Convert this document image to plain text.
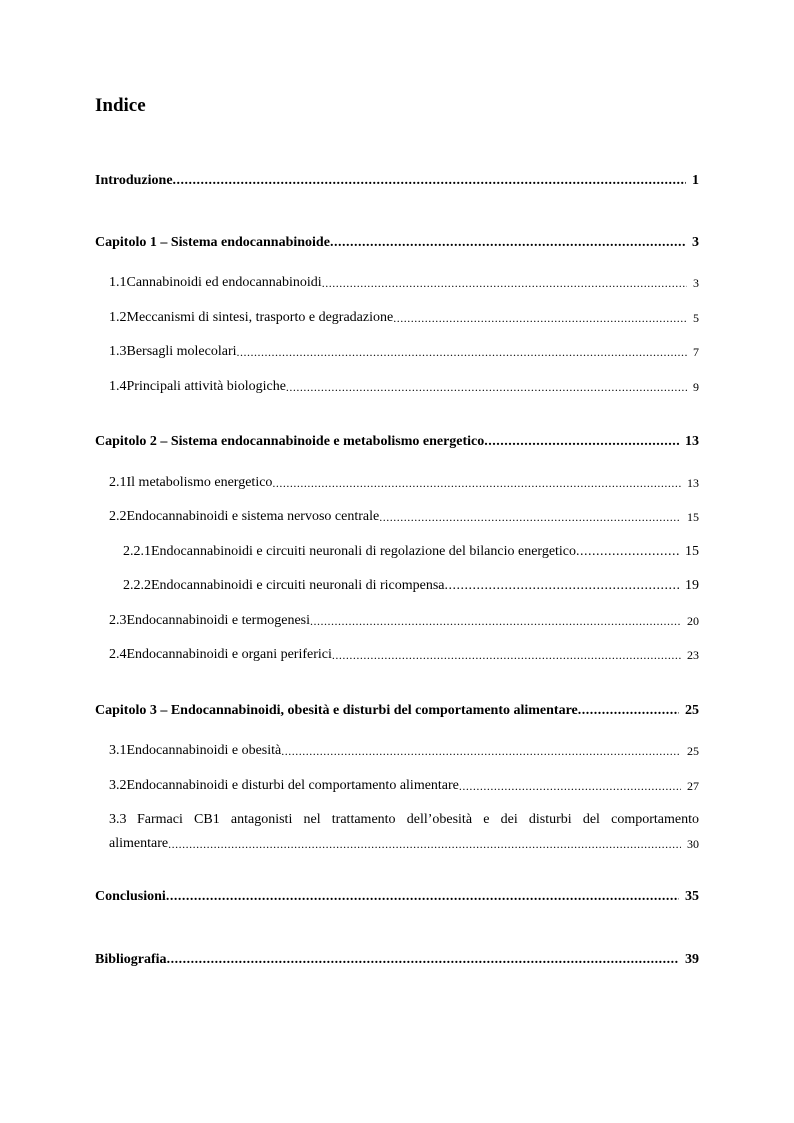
Indice
Introduzione .....	1
Capitolo 1 – Sistema endocannabinoide .....	3
1.1 Cannabinoidi ed endocannabinoidi .....	3
1.2 Meccanismi di sintesi, trasporto e degradazione .....	5
1.3 Bersagli molecolari .....	7
1.4 Principali attività biologiche .....	9
Capitolo 2 – Sistema endocannabinoide e metabolismo energetico .....	13
2.1 Il metabolismo energetico .....	13
2.2 Endocannabinoidi e sistema nervoso centrale .....	15
2.2.1 Endocannabinoidi e circuiti neuronali di regolazione del bilancio energetico .....	15
2.2.2 Endocannabinoidi e circuiti neuronali di ricompensa .....	19
2.3 Endocannabinoidi e termogenesi .....	20
2.4 Endocannabinoidi e organi periferici .....	23
Capitolo 3 – Endocannabinoidi, obesità e disturbi del comportamento alimentare .....	25
3.1 Endocannabinoidi e obesità .....	25
3.2 Endocannabinoidi e disturbi del comportamento alimentare .....	27
3.3 Farmaci CB1 antagonisti nel trattamento dell’obesità e dei disturbi del comportamento
alimentare .....	30
Conclusioni .....	35
Bibliografia .....	39
